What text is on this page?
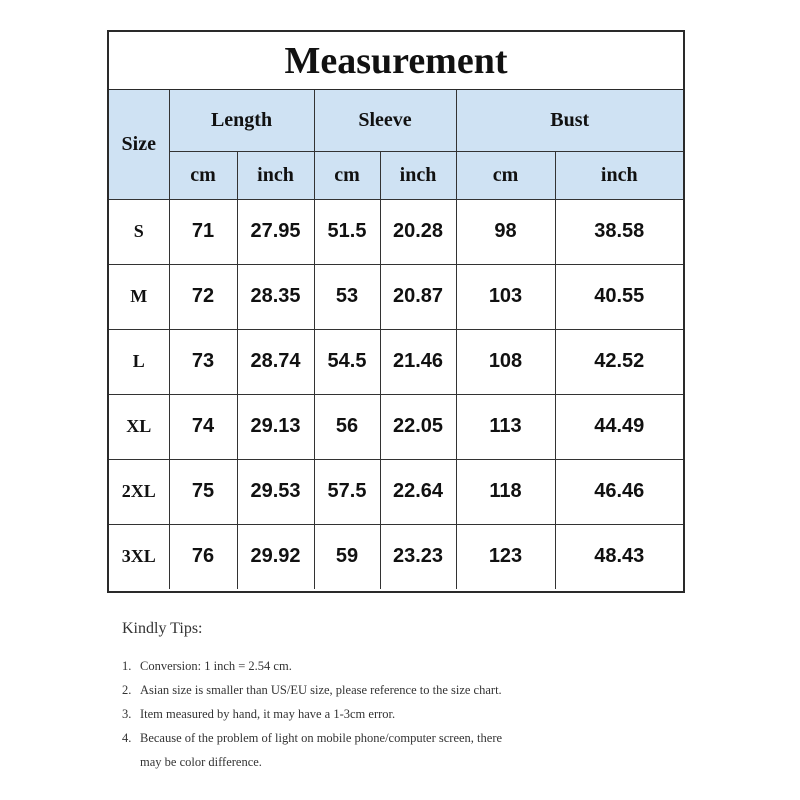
Measurement
Size	Length		Sleeve		Bust	
	cm	inch	cm	inch	cm	inch
S	71	27.95	51.5	20.28	98	38.58
M	72	28.35	53	20.87	103	40.55
L	73	28.74	54.5	21.46	108	42.52
XL	74	29.13	56	22.05	113	44.49
2XL	75	29.53	57.5	22.64	118	46.46
3XL	76	29.92	59	23.23	123	48.43
Kindly Tips:
1. Conversion: 1 inch = 2.54 cm.
2. Asian size is smaller than US/EU size, please reference to the size chart.
3. Item measured by hand, it may have a 1-3cm error.
4. Because of the problem of light on mobile phone/computer screen, there may be color difference.
